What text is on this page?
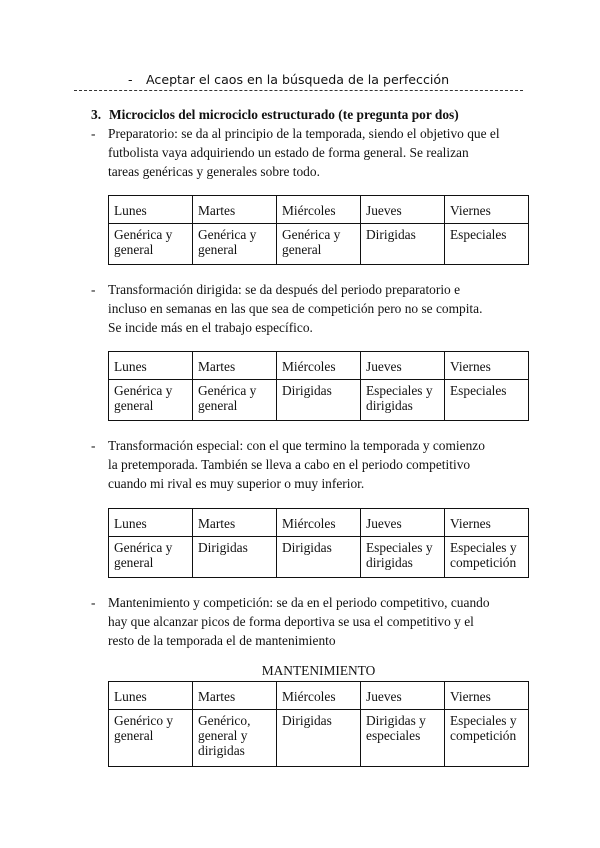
- Aceptar el caos en la búsqueda de la perfección
3. Microciclos del microciclo estructurado (te pregunta por dos)
- Preparatorio: se da al principio de la temporada, siendo el objetivo que el
futbolista vaya adquiriendo un estado de forma general. Se realizan
tareas genéricas y generales sobre todo.
Lunes	Martes	Miércoles	Jueves	Viernes
Genérica y general	Genérica y general	Genérica y general	Dirigidas	Especiales
- Transformación dirigida: se da después del periodo preparatorio e
incluso en semanas en las que sea de competición pero no se compita.
Se incide más en el trabajo específico.
Lunes	Martes	Miércoles	Jueves	Viernes
Genérica y general	Genérica y general	Dirigidas	Especiales y dirigidas	Especiales
- Transformación especial: con el que termino la temporada y comienzo
la pretemporada. También se lleva a cabo en el periodo competitivo
cuando mi rival es muy superior o muy inferior.
Lunes	Martes	Miércoles	Jueves	Viernes
Genérica y general	Dirigidas	Dirigidas	Especiales y dirigidas	Especiales y competición
- Mantenimiento y competición: se da en el periodo competitivo, cuando
hay que alcanzar picos de forma deportiva se usa el competitivo y el
resto de la temporada el de mantenimiento
MANTENIMIENTO
Lunes	Martes	Miércoles	Jueves	Viernes
Genérico y general	Genérico, general y dirigidas	Dirigidas	Dirigidas y especiales	Especiales y competición
